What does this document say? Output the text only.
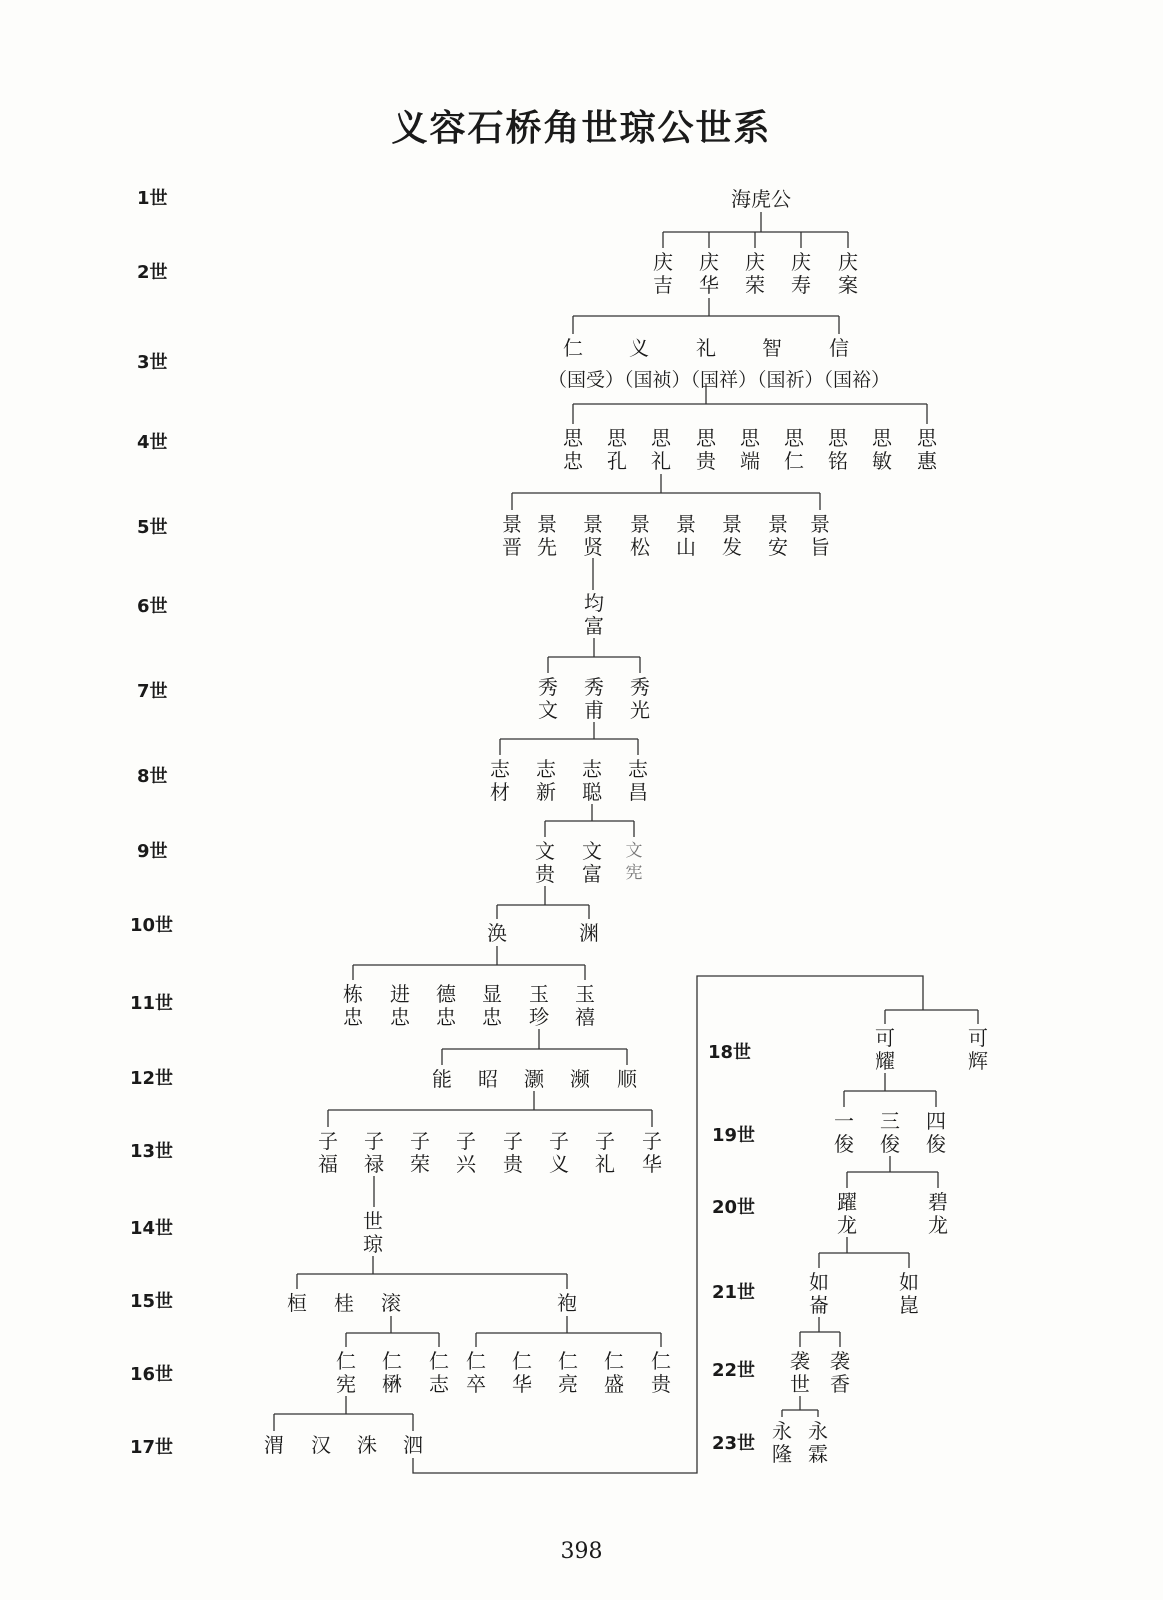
义容石桥角世琼公世系
1世
2世
3世
4世
5世
6世
7世
8世
9世
10世
11世
12世
13世
14世
15世
16世
17世
18世
19世
20世
21世
22世
23世
海虎公
庆吉
庆华
庆荣
庆寿
庆案
仁 义 礼 智 信
思忠
思孔
思礼
思贵
思端
思仁
思铭
思敏
思惠
景晋
景先
景贤
景松
景山
景发
景安
景旨
均富
秀文
秀甫
秀光
志材
志新
志聪
志昌
文贵
文富
文宪
涣	渊
栋忠
进忠
德忠
显忠
玉珍
玉禧
能 昭 灏 濒 顺
子福
子禄
子荣
子兴
子贵
子义
子礼
子华
世琼
桓 桂 滚	袍
仁宪
仁楙
仁志
仁卒
仁华
仁亮
仁盛
仁贵
渭 汉 洙 泗
可耀
可辉
一俊
三俊
四俊
躍龙
碧龙
如崙
如崑
袭世
袭香
永隆
永霖
（国受）（国祯）（国祥）（国祈）（国裕）
398
